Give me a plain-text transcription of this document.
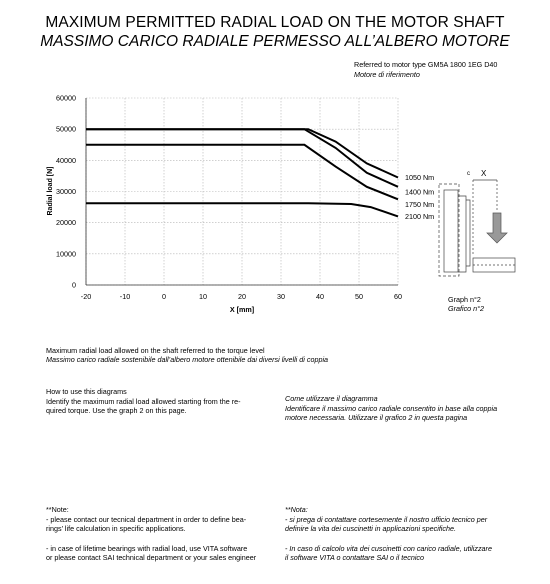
MAXIMUM PERMITTED RADIAL LOAD ON THE MOTOR SHAFT
MASSIMO CARICO RADIALE PERMESSO ALL’ALBERO MOTORE
Referred to motor type GM5A 1800 1EG D40
Motore di riferimento
-20	-10	0	10	20	30	40	50	60
0
10000
20000
30000
40000
50000
60000
1050 Nm
1400 Nm
1750 Nm
2100 Nm
X [mm]
Radial load [N]	c X
Graph n°2
Grafico n°2
Maximum radial load allowed on the shaft referred to the torque level
Massimo carico radiale sostenibile dall’albero motore ottenibile dai diversi livelli di coppia
How to use this diagrams
Identify the maximum radial load allowed starting from the re-
quired torque. Use the graph 2 on this page.
Come utilizzare il diagramma
Identificare il massimo carico radiale consentito in base alla coppia
motore necessaria. Utilizzare il grafico 2 in questa pagina
**Note:
- please contact our tecnical department in order to define bea-
rings’ life calculation in specific applications.
- in case of lifetime bearings with radial load, use VITA software
or please contact SAI technical department or your sales engineer
**Nota:
- si prega di contattare cortesemente il nostro ufficio tecnico per
definire la vita dei cuscinetti in applicazioni specifiche.
- In caso di calcolo vita dei cuscinetti con carico radiale, utilizzare
il software VITA o contattare SAI o il tecnico
